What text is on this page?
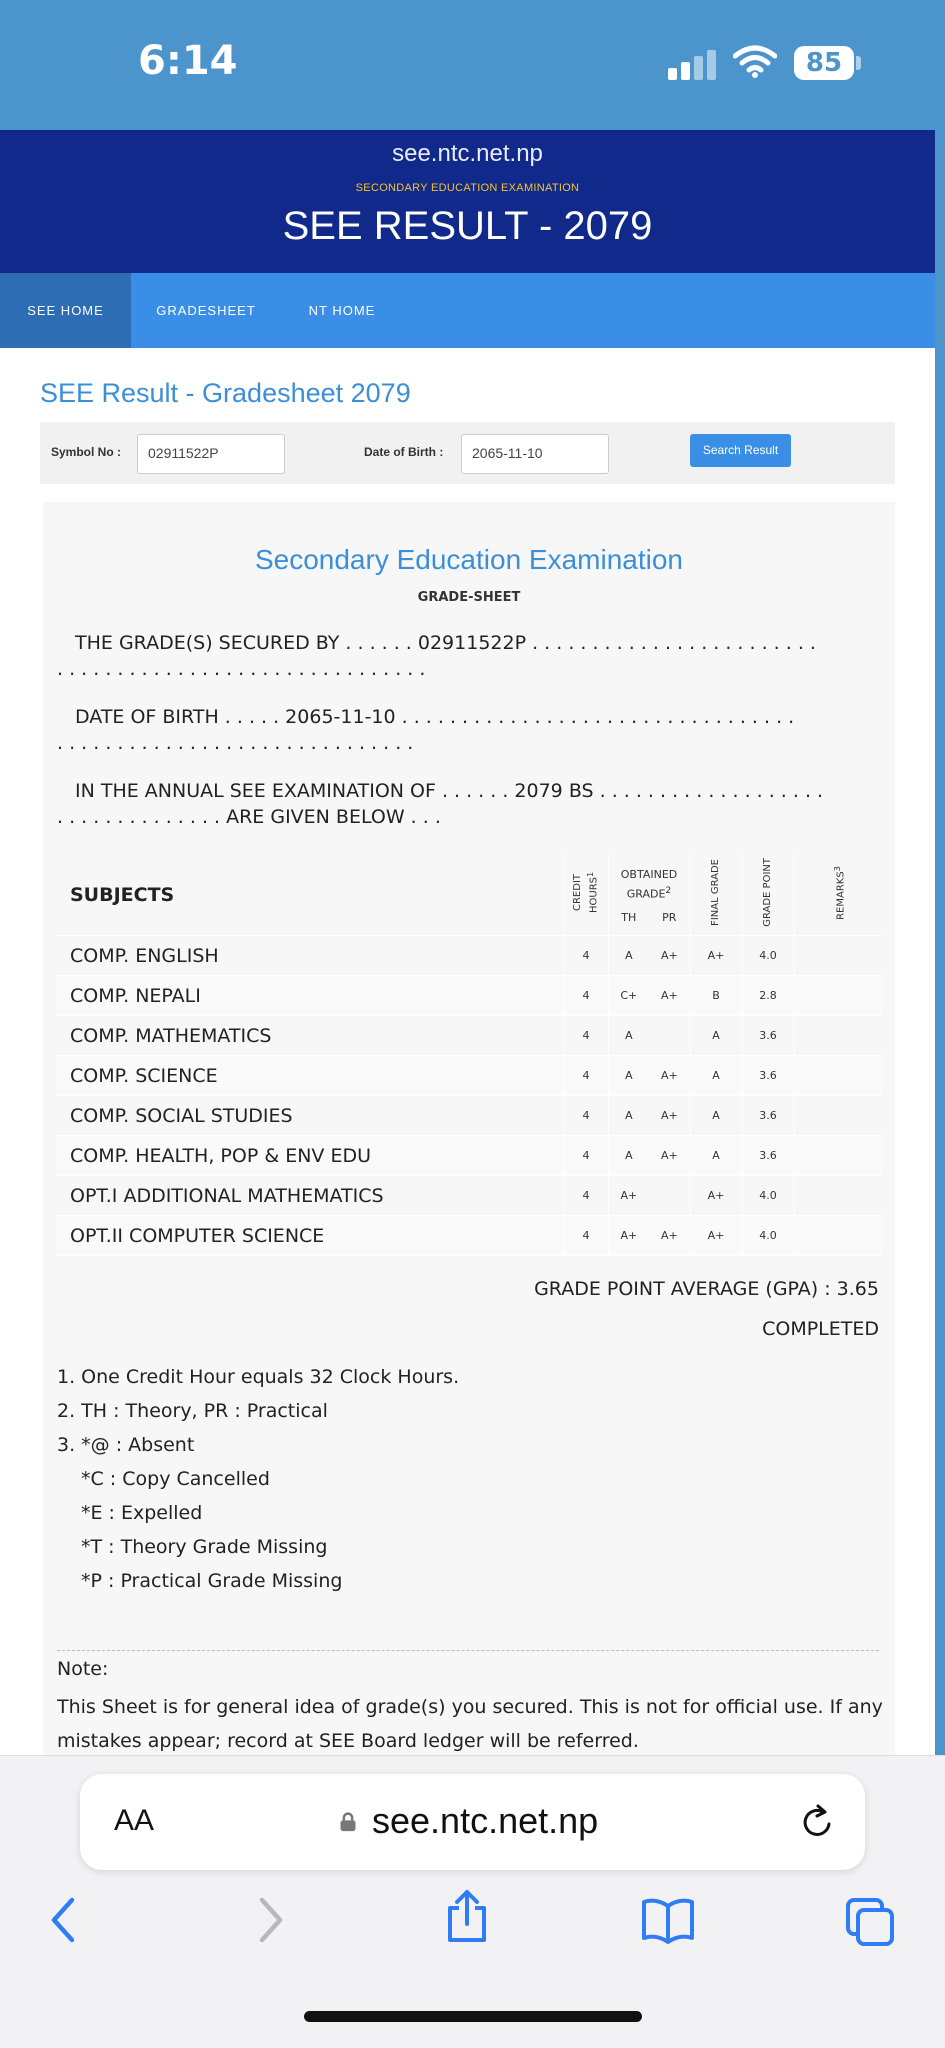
6:14	85
see.ntc.net.np
SECONDARY EDUCATION EXAMINATION
SEE RESULT - 2079
SEE HOME	GRADESHEET	NT HOME
SEE Result - Gradesheet 2079
Symbol No :	02911522P	Date of Birth :	2065-11-10	Search Result
Secondary Education Examination
GRADE-SHEET
THE GRADE(S) SECURED BY . . . . . . 02911522P . . . . . . . . . . . . . . . . . . . . . . . .
. . . . . . . . . . . . . . . . . . . . . . . . . . . . . . .
DATE OF BIRTH . . . . . 2065-11-10 . . . . . . . . . . . . . . . . . . . . . . . . . . . . . . . . .
. . . . . . . . . . . . . . . . . . . . . . . . . . . . . .
IN THE ANNUAL SEE EXAMINATION OF . . . . . . 2079 BS . . . . . . . . . . . . . . . . . . .
. . . . . . . . . . . . . . ARE GIVEN BELOW . . .
SUBJECTS	CREDIT HOURS$^1$	OBTAINED GRADE$^2$
TH PR		FINAL GRADE	GRADE POINT	REMARKS$^3$
COMP. ENGLISH	4	A	A+	A+	4.0	
COMP. NEPALI	4	C+	A+	B	2.8	
COMP. MATHEMATICS	4	A		A	3.6	
COMP. SCIENCE	4	A	A+	A	3.6	
COMP. SOCIAL STUDIES	4	A	A+	A	3.6	
COMP. HEALTH, POP & ENV EDU	4	A	A+	A	3.6	
OPT.I ADDITIONAL MATHEMATICS	4	A+		A+	4.0	
OPT.II COMPUTER SCIENCE	4	A+	A+	A+	4.0	
GRADE POINT AVERAGE (GPA) : 3.65
COMPLETED
1. One Credit Hour equals 32 Clock Hours.
2. TH : Theory, PR : Practical
3. *@ : Absent
*C : Copy Cancelled
*E : Expelled
*T : Theory Grade Missing
*P : Practical Grade Missing
Note:
This Sheet is for general idea of grade(s) you secured. This is not for official use. If any mistakes appear; record at SEE Board ledger will be referred.
AA	see.ntc.net.np
